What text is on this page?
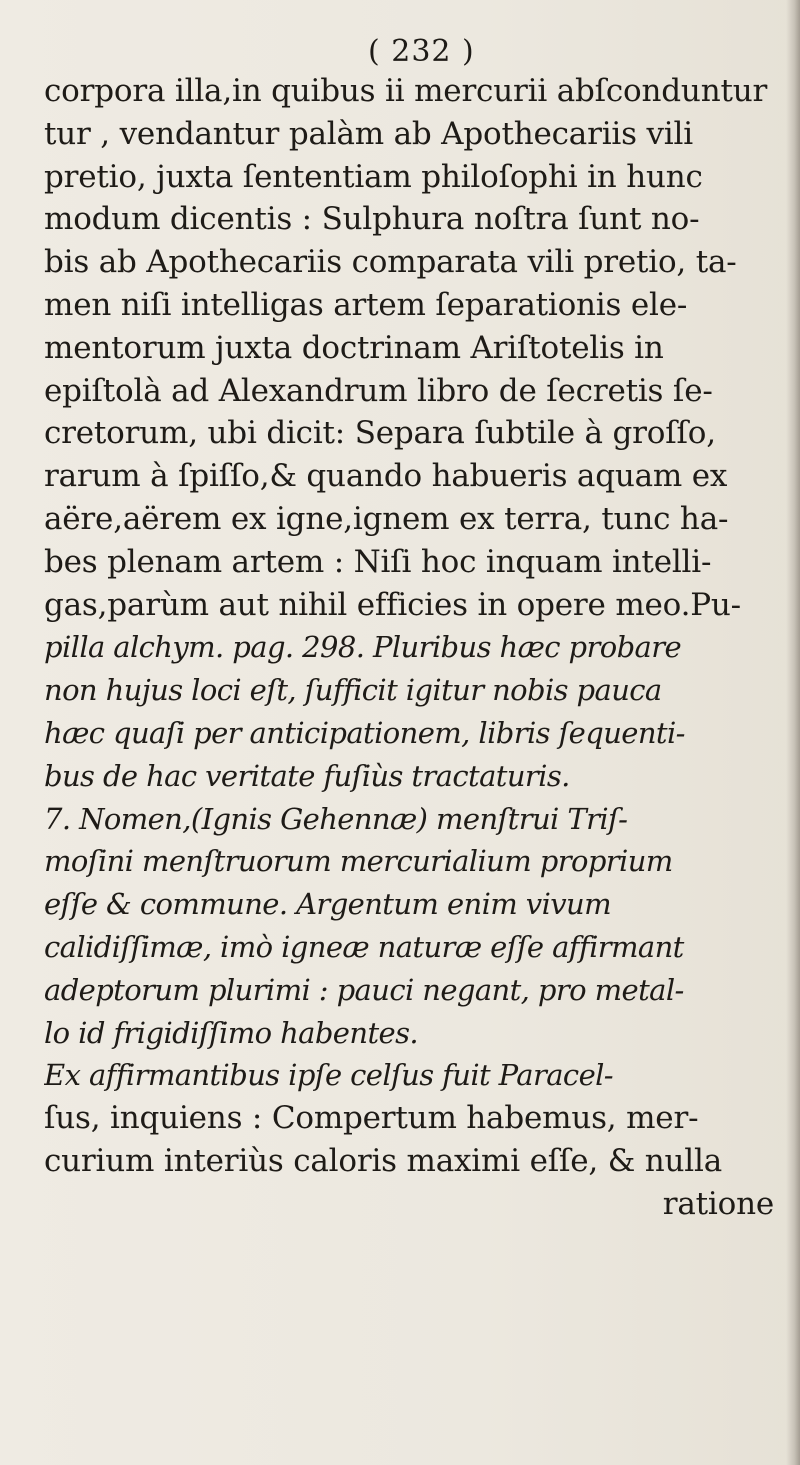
( 232 )
corpora illa,in quibus ii mercurii abſconduntur
tur , vendantur palàm ab Apothecariis vili
pretio, juxta ſententiam philoſophi in hunc
modum dicentis : Sulphura noſtra ſunt no-
bis ab Apothecariis comparata vili pretio, ta-
men niſi intelligas artem ſeparationis ele-
mentorum juxta doctrinam Ariſtotelis in
epiſtolà ad Alexandrum libro de ſecretis ſe-
cretorum, ubi dicit: Separa ſubtile à groſſo,
rarum à ſpiſſo,& quando habueris aquam ex
aëre,aërem ex igne,ignem ex terra, tunc ha-
bes plenam artem : Niſi hoc inquam intelli-
gas,parùm aut nihil efficies in opere meo.Pu-
pilla alchym. pag. 298. Pluribus hæc probare
non hujus loci eſt, ſufficit igitur nobis pauca
hæc quaſi per anticipationem, libris ſequenti-
bus de hac veritate fuſiùs tractaturis.
7. Nomen,(Ignis Gehennæ) menſtrui Triſ-
moſini menſtruorum mercurialium proprium
eſſe & commune. Argentum enim vivum
calidiſſimæ, imò igneæ naturæ eſſe affirmant
adeptorum plurimi : pauci negant, pro metal-
lo id frigidiſſimo habentes.
Ex affirmantibus ipſe celſus fuit Paracel-
ſus, inquiens : Compertum habemus, mer-
curium interiùs caloris maximi eſſe, & nulla
ratione
